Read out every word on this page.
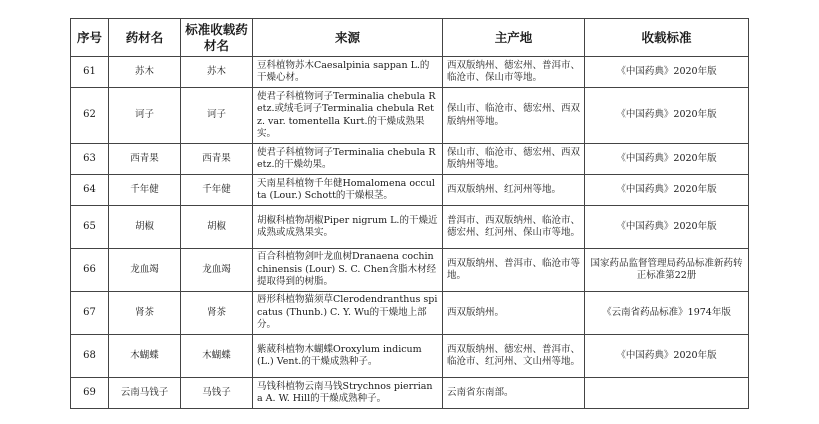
序号	药材名	标准收载药材名	来源	主产地	收载标准
61	苏木	苏木	豆科植物苏木Caesalpinia sappan L.的干燥心材。	西双版纳州、德宏州、普洱市、临沧市、保山市等地。	《中国药典》2020年版
62	诃子	诃子	使君子科植物诃子Terminalia chebula Retz.或绒毛诃子Terminalia chebula Retz. var. tomentella Kurt.的干燥成熟果实。	保山市、临沧市、德宏州、西双版纳州等地。	《中国药典》2020年版
63	西青果	西青果	使君子科植物诃子Terminalia chebula Retz.的干燥幼果。	保山市、临沧市、德宏州、西双版纳州等地。	《中国药典》2020年版
64	千年健	千年健	天南星科植物千年健Homalomena occulta (Lour.) Schott的干燥根茎。	西双版纳州、红河州等地。	《中国药典》2020年版
65	胡椒	胡椒	胡椒科植物胡椒Piper nigrum L.的干燥近成熟或成熟果实。	普洱市、西双版纳州、临沧市、德宏州、红河州、保山市等地。	《中国药典》2020年版
66	龙血竭	龙血竭	百合科植物剑叶龙血树Dranaena cochinchinensis (Lour) S. C. Chen含脂木材经提取得到的树脂。	西双版纳州、普洱市、临沧市等地。	国家药品监督管理局药品标准新药转正标准第22册
67	肾茶	肾茶	唇形科植物猫须草Clerodendranthus spicatus (Thunb.) C. Y. Wu的干燥地上部分。	西双版纳州。	《云南省药品标准》1974年版
68	木蝴蝶	木蝴蝶	紫葳科植物木蝴蝶Oroxylum indicum (L.) Vent.的干燥成熟种子。	西双版纳州、德宏州、普洱市、临沧市、红河州、文山州等地。	《中国药典》2020年版
69	云南马钱子	马钱子	马钱科植物云南马钱Strychnos pierriana A. W. Hill的干燥成熟种子。	云南省东南部。	
